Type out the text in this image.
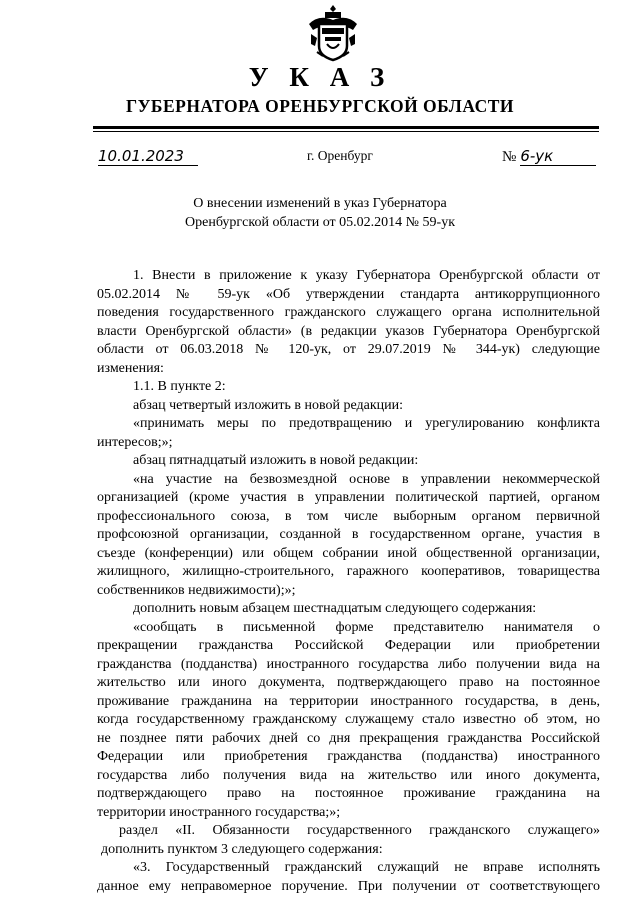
У К А З
ГУБЕРНАТОРА ОРЕНБУРГСКОЙ ОБЛАСТИ
10.01.2023	г. Оренбург	№ 6-ук
О внесении изменений в указ Губернатора
Оренбургской области от 05.02.2014 № 59-ук
1. Внести в приложение к указу Губернатора Оренбургской области от
05.02.2014 № 59-ук «Об утверждении стандарта антикоррупционного
поведения государственного гражданского служащего органа исполнительной
власти Оренбургской области» (в редакции указов Губернатора Оренбургской
области от 06.03.2018 № 120-ук, от 29.07.2019 № 344-ук) следующие
изменения:
1.1. В пункте 2:
абзац четвертый изложить в новой редакции:
«принимать меры по предотвращению и урегулированию конфликта
интересов;»;
абзац пятнадцатый изложить в новой редакции:
«на участие на безвозмездной основе в управлении некоммерческой
организацией (кроме участия в управлении политической партией, органом
профессионального союза, в том числе выборным органом первичной
профсоюзной организации, созданной в государственном органе, участия в
съезде (конференции) или общем собрании иной общественной организации,
жилищного, жилищно-строительного, гаражного кооперативов, товарищества
собственников недвижимости);»;
дополнить новым абзацем шестнадцатым следующего содержания:
«сообщать в письменной форме представителю нанимателя о
прекращении гражданства Российской Федерации или приобретении
гражданства (подданства) иностранного государства либо получении вида на
жительство или иного документа, подтверждающего право на постоянное
проживание гражданина на территории иностранного государства, в день,
когда государственному гражданскому служащему стало известно об этом, но
не позднее пяти рабочих дней со дня прекращения гражданства Российской
Федерации или приобретения гражданства (подданства) иностранного
государства либо получения вида на жительство или иного документа,
подтверждающего право на постоянное проживание гражданина на
территории иностранного государства;»;
раздел «II. Обязанности государственного гражданского служащего»
дополнить пунктом 3 следующего содержания:
«3. Государственный гражданский служащий не вправе исполнять
данное ему неправомерное поручение. При получении от соответствующего
